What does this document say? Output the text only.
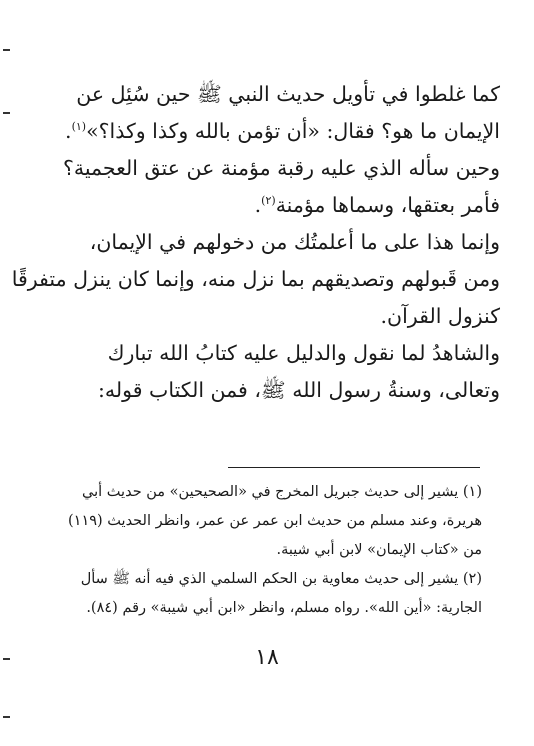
كما غلطوا في تأويل حديث النبي ﷺ حين سُئِل عن
الإيمان ما هو؟ فقال: «أن تؤمن بالله وكذا وكذا؟»$^{(١)}$.

وحين سأله الذي عليه رقبة مؤمنة عن عتق العجمية؟
فأمر بعتقها، وسماها مؤمنة$^{(٢)}$.

وإنما هذا على ما أعلمتُك من دخولهم في الإيمان،
ومن قَبولهم وتصديقهم بما نزل منه، وإنما كان ينزل متفرقًا
كنزول القرآن.

والشاهدُ لما نقول والدليل عليه كتابُ الله تبارك
وتعالى، وسنةُ رسول الله ﷺ، فمن الكتاب قوله:

(١) يشير إلى حديث جبريل المخرج في «الصحيحين» من حديث أبي
هريرة، وعند مسلم من حديث ابن عمر عن عمر، وانظر الحديث (١١٩)
من «كتاب الإيمان» لابن أبي شيبة.

(٢) يشير إلى حديث معاوية بن الحكم السلمي الذي فيه أنه ﷺ سأل
الجارية: «أين الله». رواه مسلم، وانظر «ابن أبي شيبة» رقم (٨٤).

١٨
